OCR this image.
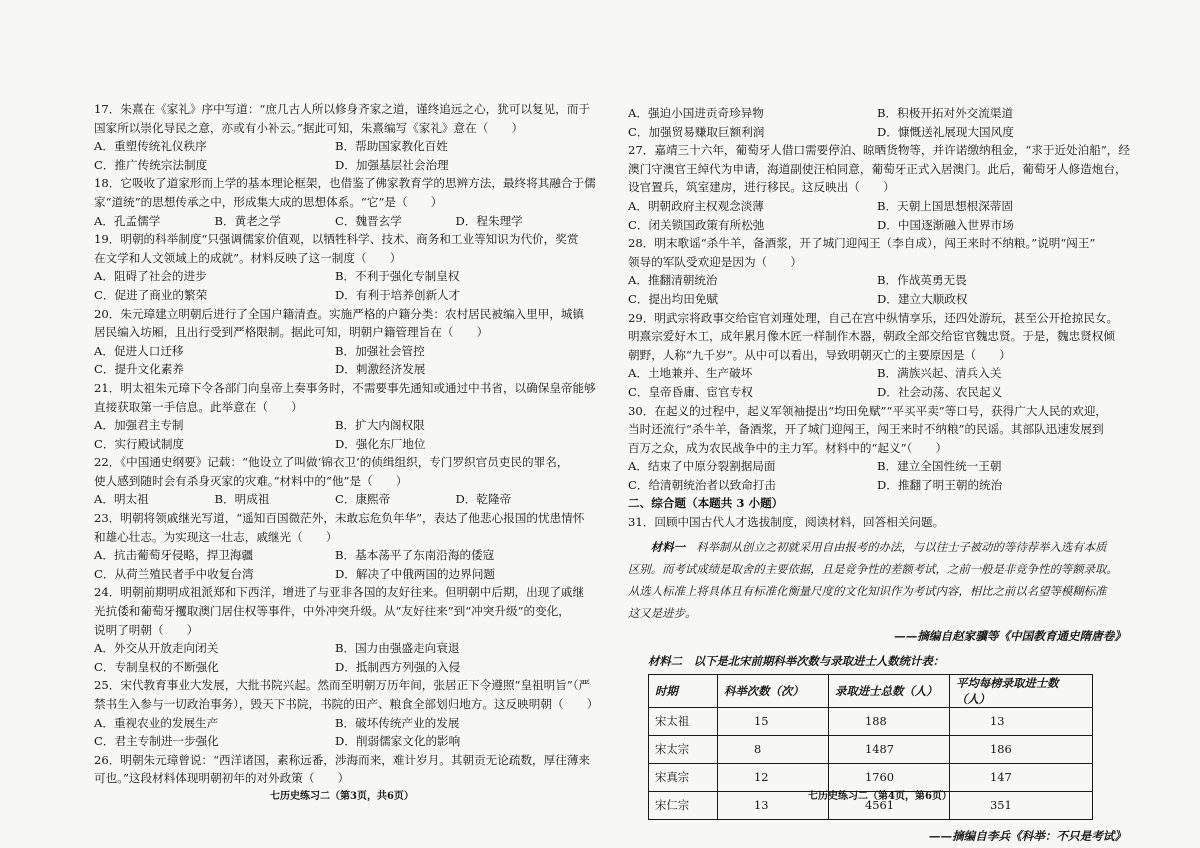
17．朱熹在《家礼》序中写道：“庶几古人所以修身齐家之道，谨终追远之心，犹可以复见，而于

国家所以崇化导民之意，亦或有小补云。”据此可知，朱熹编写《家礼》意在（　　）

A．重塑传统礼仪秩序	B．帮助国家教化百姓
C．推广传统宗法制度	D．加强基层社会治理

18．它吸收了道家形而上学的基本理论框架，也借鉴了佛家教育学的思辨方法，最终将其融合于儒

家“道统”的思想传承之中，形成集大成的思想体系。“它”是（　　）

A．孔孟儒学	B．黄老之学	C．魏晋玄学	D．程朱理学

19．明朝的科举制度“只强调儒家价值观，以牺牲科学、技术、商务和工业等知识为代价，奖赏

在文学和人文领域上的成就”。材料反映了这一制度（　　）

A．阻碍了社会的进步	B．不利于强化专制皇权
C．促进了商业的繁荣	D．有利于培养创新人才

20．朱元璋建立明朝后进行了全国户籍清查。实施严格的户籍分类：农村居民被编入里甲，城镇

居民编入坊厢，且出行受到严格限制。据此可知，明朝户籍管理旨在（　　）

A．促进人口迁移	B．加强社会管控
C．提升文化素养	D．刺激经济发展

21．明太祖朱元璋下令各部门向皇帝上奏事务时，不需要事先通知或通过中书省，以确保皇帝能够

直接获取第一手信息。此举意在（　　）

A．加强君主专制	B．扩大内阁权限
C．实行殿试制度	D．强化东厂地位

22．《中国通史纲要》记载：“他设立了叫做‘锦衣卫’的侦缉组织，专门罗织官员吏民的罪名，

使人感到随时会有杀身灭家的灾难。”材料中的“他”是（　　）

A．明太祖	B．明成祖	C．康熙帝	D．乾隆帝

23．明朝将领戚继光写道，“遥知百国微茫外，未敢忘危负年华”，表达了他悲心报国的忧患情怀

和雄心壮志。为实现这一壮志，戚继光（　　）

A．抗击葡萄牙侵略，捍卫海疆	B．基本荡平了东南沿海的倭寇
C．从荷兰殖民者手中收复台湾	D．解决了中俄两国的边界问题

24．明朝前期明成祖派郑和下西洋，增进了与亚非各国的友好往来。但明朝中后期，出现了戚继

光抗倭和葡萄牙攫取澳门居住权等事件，中外冲突升级。从“友好往来”到“冲突升级”的变化，

说明了明朝（　　）

A．外交从开放走向闭关	B．国力由强盛走向衰退
C．专制皇权的不断强化	D．抵制西方列强的入侵

25．宋代教育事业大发展，大批书院兴起。然而至明朝万历年间，张居正下令遵照“皇祖明旨”（严

禁书生入参与一切政治事务），毁天下书院，书院的田产、粮食全部划归地方。这反映明朝（　　）

A．重视农业的发展生产	B．破坏传统产业的发展
C．君主专制进一步强化	D．削弱儒家文化的影响

26．明朝朱元璋曾说：“西洋诸国，素称远番，涉海而来，难计岁月。其朝贡无论疏数，厚往薄来

可也。”这段材料体现明朝初年的对外政策（　　）

七历史练习二（第3页，共6页）
A．强迫小国进贡奇珍异物	B．积极开拓对外交流渠道
C．加强贸易赚取巨额利润	D．慷慨送礼展现大国风度

27．嘉靖三十六年，葡萄牙人借口需要停泊、晾晒货物等，并许诺缴纳租金，“求于近处泊船”，经

澳门守澳官王绰代为申请，海道副使汪柏同意，葡萄牙正式入居澳门。此后，葡萄牙人修造炮台，

设官置兵，筑室建房，进行移民。这反映出（　　）

A．明朝政府主权观念淡薄	B．天朝上国思想根深蒂固
C．闭关锁国政策有所松弛	D．中国逐渐融入世界市场

28．明末歌谣“杀牛羊，备酒浆，开了城门迎闯王（李自成），闯王来时不纳粮。”说明“闯王”

领导的军队受欢迎是因为（　　）

A．推翻清朝统治	B．作战英勇无畏
C．提出均田免赋	D．建立大顺政权

29．明武宗将政事交给宦官刘瑾处理，自己在宫中纵情享乐，还四处游玩，甚至公开抢掠民女。

明熹宗爱好木工，成年累月像木匠一样制作木器，朝政全部交给宦官魏忠贤。于是，魏忠贤权倾

朝野，人称“九千岁”。从中可以看出，导致明朝灭亡的主要原因是（　　）

A．土地兼并、生产破坏	B．满族兴起、清兵入关
C．皇帝昏庸、宦官专权	D．社会动荡、农民起义

30．在起义的过程中，起义军领袖提出“均田免赋”“平买平卖”等口号，获得广大人民的欢迎，

当时还流行“杀牛羊，备酒浆，开了城门迎闯王，闯王来时不纳粮”的民谣。其部队迅速发展到

百万之众，成为农民战争中的主力军。材料中的“起义”（　　）

A．结束了中原分裂割据局面	B．建立全国性统一王朝
C．给清朝统治者以致命打击	D．推翻了明王朝的统治

二、综合题（本题共 3 小题）

31．回顾中国古代人才选拔制度，阅读材料，回答相关问题。

　　材料一　 科举制从创立之初就采用自由报考的办法，与以往士子被动的等待荐举入选有本质
区别。而考试成绩是取舍的主要依据，且是竞争性的差额考试，之前一般是非竞争性的等额录取。
从选人标准上将具体且有标准化衡量尺度的文化知识作为考试内容，相比之前以名望等模糊标准
这又是进步。
——摘编自赵家骥等《中国教育通史隋唐卷》
材料二　 以下是北宋前期科举次数与录取进士人数统计表：
时期	科举次数（次）	录取进士总数（人）	平均每榜录取进士数（人）
宋太祖	15	188	13
宋太宗	8	1487	186
宋真宗	12	1760	147
宋仁宗	13	4561	351
——摘编自李兵《科举：不只是考试》
七历史练习二（第4页，第6页）
